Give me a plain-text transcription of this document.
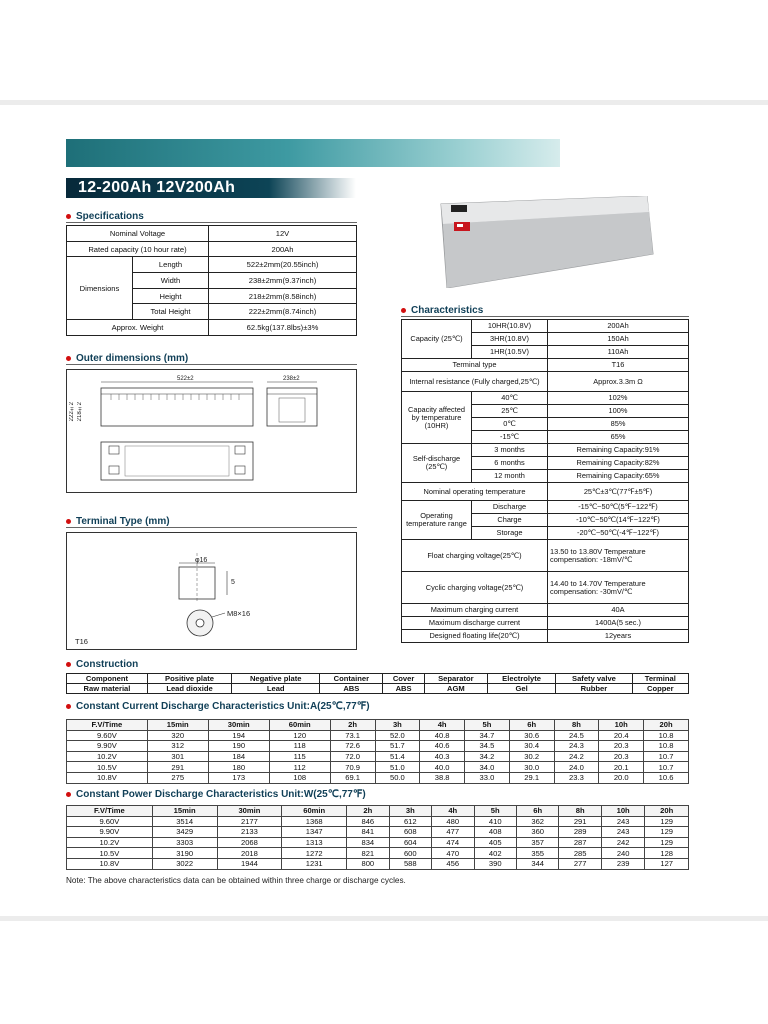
12-200Ah 12V200Ah
Specifications
Nominal Voltage		12V
Rated capacity (10 hour rate)		200Ah
Dimensions	Length	522±2mm(20.55inch)
	Width	238±2mm(9.37inch)
	Height	218±2mm(8.58inch)
	Total Height	222±2mm(8.74inch)
Approx. Weight		62.5kg(137.8lbs)±3%
Outer dimensions (mm)
522±2	238±2
222±2 218±2
Terminal Type (mm)
φ16
5
M8×16
T16
Characteristics
Capacity (25℃)	10HR(10.8V)	200Ah
	3HR(10.8V)	150Ah
	1HR(10.5V)	110Ah
Terminal type		T16
Internal resistance (Fully charged,25℃)		Approx.3.3m Ω
Capacity affected by temperature (10HR)	40℃	102%
	25℃	100%
	0℃	85%
	-15℃	65%
Self-discharge (25℃)	3 months	Remaining Capacity:91%
	6 months	Remaining Capacity:82%
	12 month	Remaining Capacity:65%
Nominal operating temperature		25℃±3℃(77℉±5℉)
Operating temperature range	Discharge	-15℃~50℃(5℉~122℉)
	Charge	-10℃~50℃(14℉~122℉)
	Storage	-20℃~50℃(-4℉~122℉)
Float charging voltage(25℃)		13.50 to 13.80V Temperature compensation: -18mV/℃
Cyclic charging voltage(25℃)		14.40 to 14.70V Temperature compensation: -30mV/℃
Maximum charging current		40A
Maximum discharge current		1400A(5 sec.)
Designed floating life(20℃)		12years
Construction
Component	Positive plate	Negative plate	Container	Cover	Separator	Electrolyte	Safety valve	Terminal
Raw material	Lead dioxide	Lead	ABS	ABS	AGM	Gel	Rubber	Copper
Constant Current Discharge Characteristics Unit:A(25℃,77℉)
F.V/Time	15min	30min	60min	2h	3h	4h	5h	6h	8h	10h	20h
9.60V	320	194	120	73.1	52.0	40.8	34.7	30.6	24.5	20.4	10.8
9.90V	312	190	118	72.6	51.7	40.6	34.5	30.4	24.3	20.3	10.8
10.2V	301	184	115	72.0	51.4	40.3	34.2	30.2	24.2	20.3	10.7
10.5V	291	180	112	70.9	51.0	40.0	34.0	30.0	24.0	20.1	10.7
10.8V	275	173	108	69.1	50.0	38.8	33.0	29.1	23.3	20.0	10.6
Constant Power Discharge Characteristics Unit:W(25℃,77℉)
F.V/Time	15min	30min	60min	2h	3h	4h	5h	6h	8h	10h	20h
9.60V	3514	2177	1368	846	612	480	410	362	291	243	129
9.90V	3429	2133	1347	841	608	477	408	360	289	243	129
10.2V	3303	2068	1313	834	604	474	405	357	287	242	129
10.5V	3190	2018	1272	821	600	470	402	355	285	240	128
10.8V	3022	1944	1231	800	588	456	390	344	277	239	127
Note: The above characteristics data can be obtained within three charge or discharge cycles.
